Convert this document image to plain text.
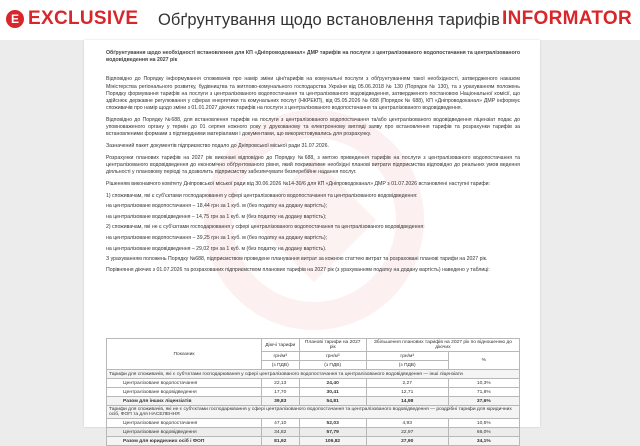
E EXCLUSIVE Обґрунтування щодо встановлення тарифів INFORMATOR

Обґрунтування щодо необхідності встановлення для КП «Дніпроводоканал» ДМР тарифів на послуги з централізованого водопостачання та централізованого водовідведення на 2027 рік

Відповідно до Порядку інформування споживачів про намір зміни цін/тарифів на комунальні послуги з обґрунтуванням такої необхідності, затвердженого наказом Міністерства регіонального розвитку, будівництва та житлово-комунального господарства України від 05.06.2018 № 130 (Порядок № 130), та з урахуванням положень Порядку формування тарифів на послуги з централізованого водопостачання та централізованого водовідведення, затвердженого постановою Національної комісії, що здійснює державне регулювання у сферах енергетики та комунальних послуг (НКРЕКП), від 05.05.2026 № 688 (Порядок № 688), КП «Дніпроводоканал» ДМР інформує споживачів про намір щодо зміни з 01.01.2027 діючих тарифів на послуги з централізованого водопостачання та централізованого водовідведення.

Відповідно до Порядку №688, для встановлення тарифів на послуги з централізованого водопостачання та/або централізованого водовідведення ліцензіат подає до уповноваженого органу у термін до 01 серпня кожного року у друкованому та електронному вигляді заяву про встановлення тарифів та розрахунки тарифів за встановленими формами з підтвердними матеріалами і документами, що використовувались для розрахунку.

Зазначений пакет документів підприємство подало до Дніпровської міської ради 31.07.2026.

Розрахунки планових тарифів на 2027 рік виконані відповідно до Порядку №688, з метою приведення тарифів на послуги з централізованого водопостачання та централізованого водовідведення до економічно обґрунтованого рівня, який покриватиме необхідні планові витрати підприємства відповідно до реальних умов ведення діяльності у плановому періоді та дозволить підприємству забезпечувати безперебійне надання послуг.

Рішенням виконавчого комітету Дніпровської міської ради від 30.06.2026 №14-30/6 для КП «Дніпроводоканал» ДМР з 01.07.2026 встановлені наступні тарифи:

1) споживачам, які є суб'єктами господарювання у сфері централізованого водопостачання та централізованого водовідведення:

на централізоване водопостачання – 18,44 грн за 1 куб. м (без податку на додану вартість);

на централізоване водовідведення – 14,75 грн за 1 куб. м (без податку на додану вартість);

2) споживачам, які не є суб'єктами господарювання у сфері централізованого водопостачання та централізованого водовідведення:

на централізоване водопостачання – 39,25 грн за 1 куб. м (без податку на додану вартість);

на централізоване водовідведення – 29,02 грн за 1 куб. м (без податку на додану вартість).

З урахуванням положень Порядку №688, підприємством проведене планування витрат за кожною статтею витрат та розраховані планові тарифи на 2027 рік.

Порівняння діючих з 01.07.2026 та розрахованих підприємством планових тарифів на 2027 рік (з урахуванням податку на додану вартість) наведено у таблиці:

Показник	Діючі тарифи	Планові тарифи на 2027 рік	Збільшення планових тарифів на 2027 рік по відношенню до діючих	
	грн/м³	грн/м³	грн/м³	%
	(з ПДВ)	(з ПДВ)	(з ПДВ)	
Тарифи для споживачів, які є суб'єктами господарювання у сфері централізованого водопостачання та централізованого водовідведення — інші ліцензіати				
Централізоване водопостачання	22,13	24,40	2,27	10,3%
Централізоване водовідведення	17,70	30,41	12,71	71,8%
Разом для інших ліцензіатів	39,83	54,81	14,98	37,6%
Тарифи для споживачів, які не є суб'єктами господарювання у сфері централізованого водопостачання та централізованого водовідведення — роздрібні тарифи для юридичних осіб, ФОП та для НАСЕЛЕННЯ				
Централізоване водопостачання	47,10	52,03	4,93	10,5%
Централізоване водовідведення	34,82	57,79	22,97	66,0%
Разом для юридичних осіб і ФОП	81,92	109,82	27,90	34,1%
